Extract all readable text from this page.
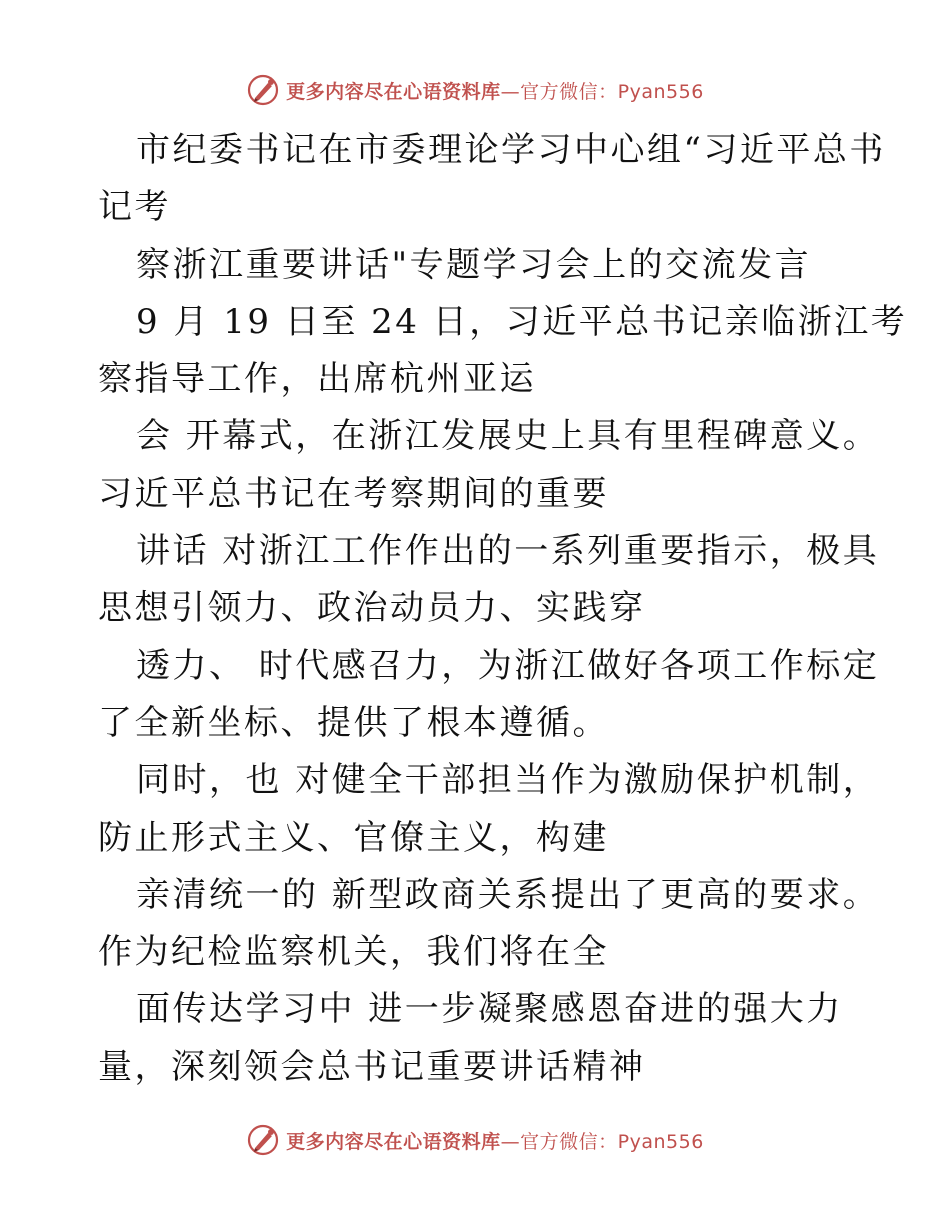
更多内容尽在心语资料库—官方微信：Pyan556
市纪委书记在市委理论学习中心组“习近平总书
记考
察浙江重要讲话"专题学习会上的交流发言
9 月 19 日至 24 日，习近平总书记亲临浙江考
察指导工作，出席杭州亚运
会 开幕式，在浙江发展史上具有里程碑意义。
习近平总书记在考察期间的重要
讲话 对浙江工作作出的一系列重要指示，极具
思想引领力、政治动员力、实践穿
透力、 时代感召力，为浙江做好各项工作标定
了全新坐标、提供了根本遵循。
同时，也 对健全干部担当作为激励保护机制，
防止形式主义、官僚主义，构建
亲清统一的 新型政商关系提出了更高的要求。
作为纪检监察机关，我们将在全
面传达学习中 进一步凝聚感恩奋进的强大力
量，深刻领会总书记重要讲话精神
更多内容尽在心语资料库—官方微信：Pyan556
